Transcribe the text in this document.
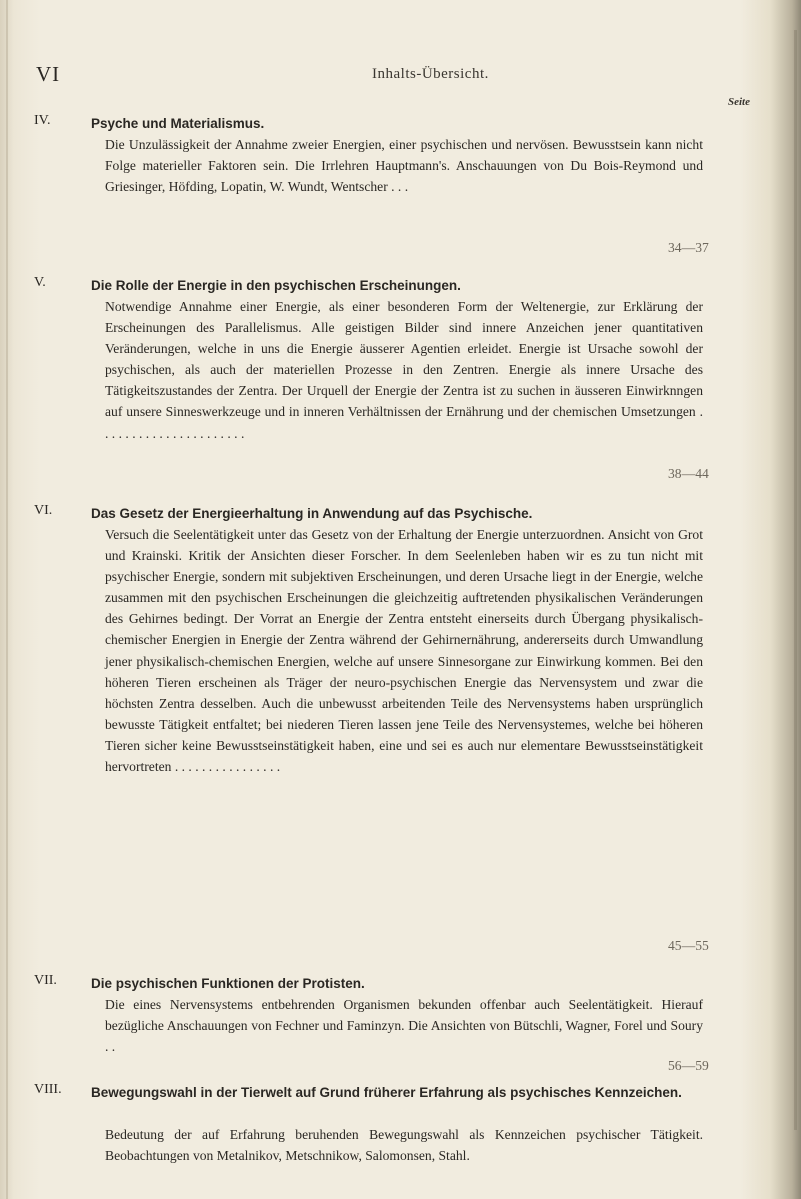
VI	Inhalts-Übersicht.
Seite
IV.	Psyche und Materialismus.
Die Unzulässigkeit der Annahme zweier Energien, einer psychischen und nervösen. Bewusstsein kann nicht Folge materieller Faktoren sein. Die Irrlehren Hauptmann's. Anschauungen von Du Bois-Reymond und Griesinger, Höfding, Lopatin, W. Wundt, Wentscher . . .
34—37
V.	Die Rolle der Energie in den psychischen Erscheinungen.
Notwendige Annahme einer Energie, als einer besonderen Form der Weltenergie, zur Erklärung der Erscheinungen des Parallelismus. Alle geistigen Bilder sind innere Anzeichen jener quantitativen Veränderungen, welche in uns die Energie äusserer Agentien erleidet. Energie ist Ursache sowohl der psychischen, als auch der materiellen Prozesse in den Zentren. Energie als innere Ursache des Tätigkeitszustandes der Zentra. Der Urquell der Energie der Zentra ist zu suchen in äusseren Einwirknngen auf unsere Sinneswerkzeuge und in inneren Verhältnissen der Ernährung und der chemischen Umsetzungen . . . . . . . . . . . . . . . . . . . . . .
38—44
VI.	Das Gesetz der Energieerhaltung in Anwendung auf das Psychische.
Versuch die Seelentätigkeit unter das Gesetz von der Erhaltung der Energie unterzuordnen. Ansicht von Grot und Krainski. Kritik der Ansichten dieser Forscher. In dem Seelenleben haben wir es zu tun nicht mit psychischer Energie, sondern mit subjektiven Erscheinungen, und deren Ursache liegt in der Energie, welche zusammen mit den psychischen Erscheinungen die gleichzeitig auftretenden physikalischen Veränderungen des Gehirnes bedingt. Der Vorrat an Energie der Zentra entsteht einerseits durch Übergang physikalisch-chemischer Energien in Energie der Zentra während der Gehirnernährung, andererseits durch Umwandlung jener physikalisch-chemischen Energien, welche auf unsere Sinnesorgane zur Einwirkung kommen. Bei den höheren Tieren erscheinen als Träger der neuro-psychischen Energie das Nervensystem und zwar die höchsten Zentra desselben. Auch die unbewusst arbeitenden Teile des Nervensystems haben ursprünglich bewusste Tätigkeit entfaltet; bei niederen Tieren lassen jene Teile des Nervensystemes, welche bei höheren Tieren sicher keine Bewusstseinstätigkeit haben, eine und sei es auch nur elementare Bewusstseinstätigkeit hervortreten . . . . . . . . . . . . . . . .
45—55
VII.	Die psychischen Funktionen der Protisten.
Die eines Nervensystems entbehrenden Organismen bekunden offenbar auch Seelentätigkeit. Hierauf bezügliche Anschauungen von Fechner und Faminzyn. Die Ansichten von Bütschli, Wagner, Forel und Soury . .
56—59
VIII.	Bewegungswahl in der Tierwelt auf Grund früherer Erfahrung als psychisches Kennzeichen.
Bedeutung der auf Erfahrung beruhenden Bewegungswahl als Kennzeichen psychischer Tätigkeit. Beobachtungen von Metalnikov, Metschnikow, Salomonsen, Stahl.
